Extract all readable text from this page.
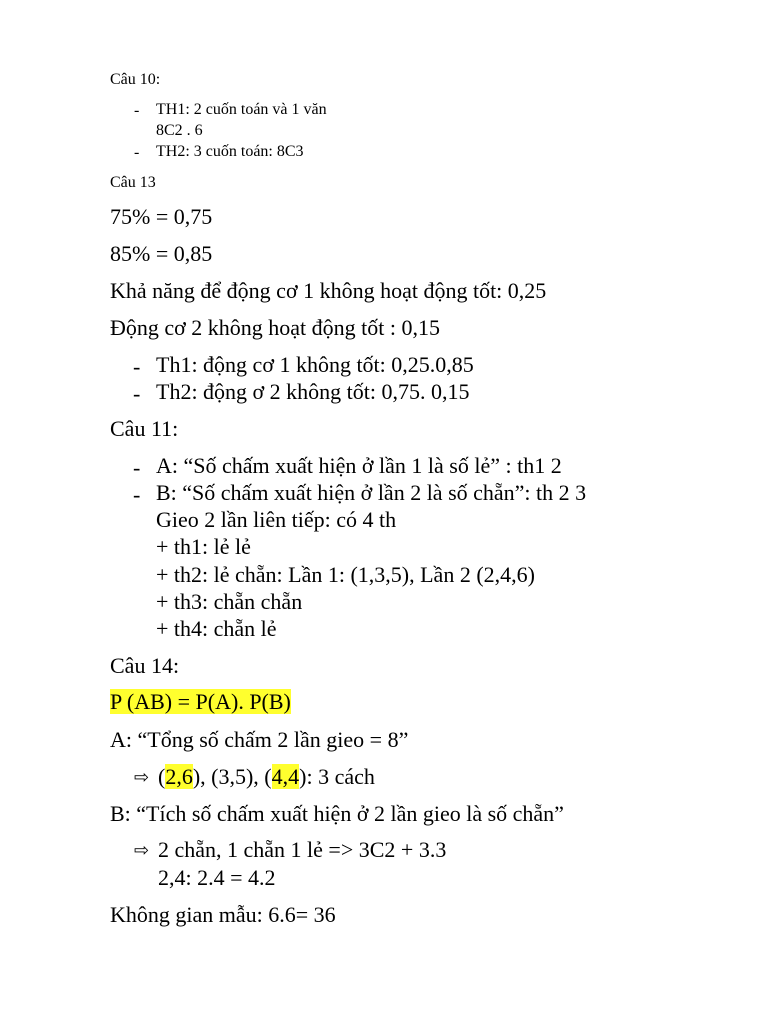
Câu 10:
- TH1: 2 cuốn toán và 1 văn
8C2 . 6
- TH2: 3 cuốn toán: 8C3
Câu 13
75% = 0,75
85% = 0,85
Khả năng để động cơ 1 không hoạt động tốt: 0,25
Động cơ 2 không hoạt động tốt : 0,15
- Th1: động cơ 1 không tốt: 0,25.0,85
- Th2: động ơ 2 không tốt: 0,75. 0,15
Câu 11:
- A: “Số chấm xuất hiện ở lần 1 là số lẻ” : th1 2
- B: “Số chấm xuất hiện ở lần 2 là số chẵn”: th 2 3
Gieo 2 lần liên tiếp: có 4 th
+ th1: lẻ lẻ
+ th2: lẻ chẵn: Lần 1: (1,3,5), Lần 2 (2,4,6)
+ th3: chẵn chẵn
+ th4: chẵn lẻ
Câu 14:
P (AB) = P(A). P(B)
A: “Tổng số chấm 2 lần gieo = 8”
⇨ (2,6), (3,5), (4,4): 3 cách
B: “Tích số chấm xuất hiện ở 2 lần gieo là số chẵn”
⇨ 2 chẵn, 1 chẵn 1 lẻ => 3C2 + 3.3
2,4: 2.4 = 4.2
Không gian mẫu: 6.6= 36
